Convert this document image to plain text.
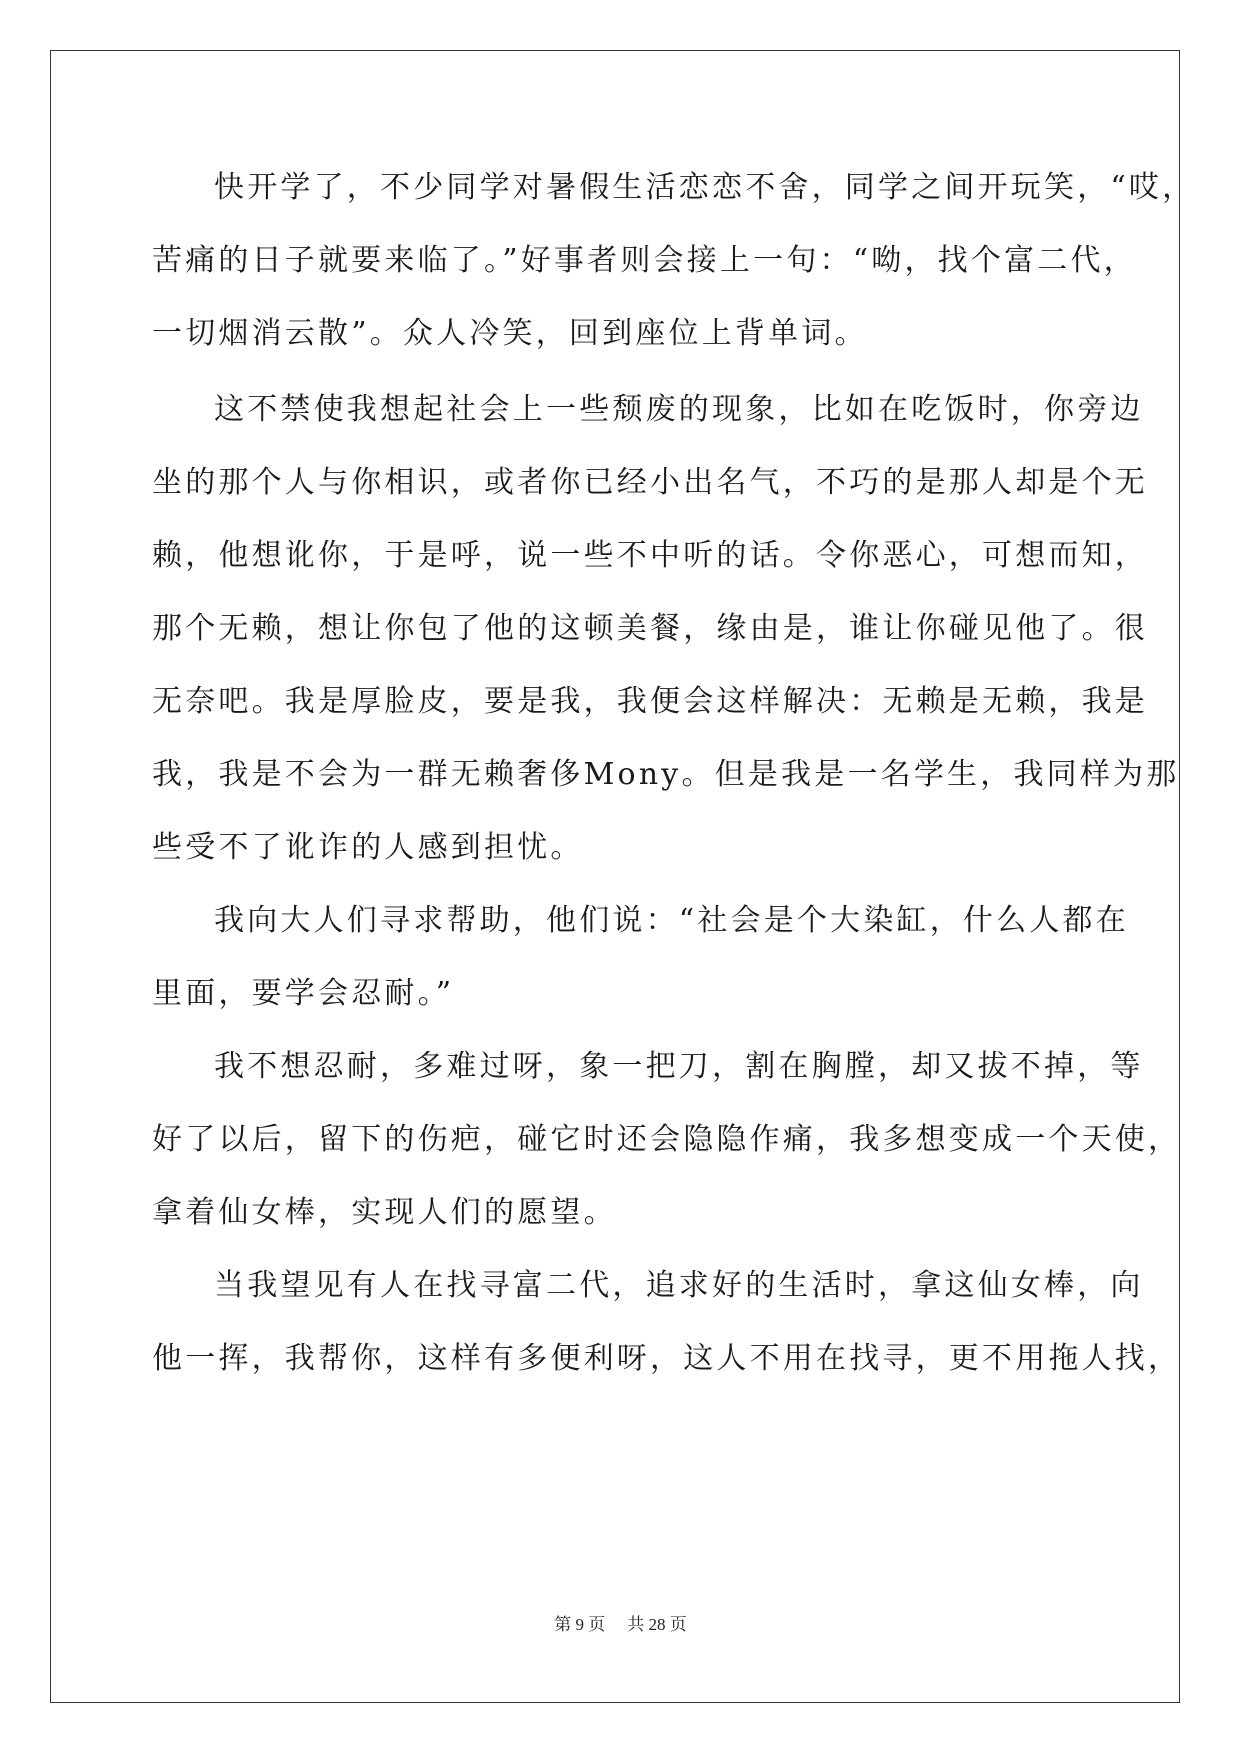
快开学了，不少同学对暑假生活恋恋不舍，同学之间开玩笑，“哎，
苦痛的日子就要来临了。”好事者则会接上一句：“呦，找个富二代，
一切烟消云散”。众人冷笑，回到座位上背单词。
这不禁使我想起社会上一些颓废的现象，比如在吃饭时，你旁边
坐的那个人与你相识，或者你已经小出名气，不巧的是那人却是个无
赖，他想讹你，于是呼，说一些不中听的话。令你恶心，可想而知，
那个无赖，想让你包了他的这顿美餐，缘由是，谁让你碰见他了。很
无奈吧。我是厚脸皮，要是我，我便会这样解决：无赖是无赖，我是
我，我是不会为一群无赖奢侈Mony。但是我是一名学生，我同样为那
些受不了讹诈的人感到担忧。
我向大人们寻求帮助，他们说：“社会是个大染缸，什么人都在
里面，要学会忍耐。”
我不想忍耐，多难过呀，象一把刀，割在胸膛，却又拔不掉，等
好了以后，留下的伤疤，碰它时还会隐隐作痛，我多想变成一个天使，
拿着仙女棒，实现人们的愿望。
当我望见有人在找寻富二代，追求好的生活时，拿这仙女棒，向
他一挥，我帮你，这样有多便利呀，这人不用在找寻，更不用拖人找，
第 9 页 共 28 页
